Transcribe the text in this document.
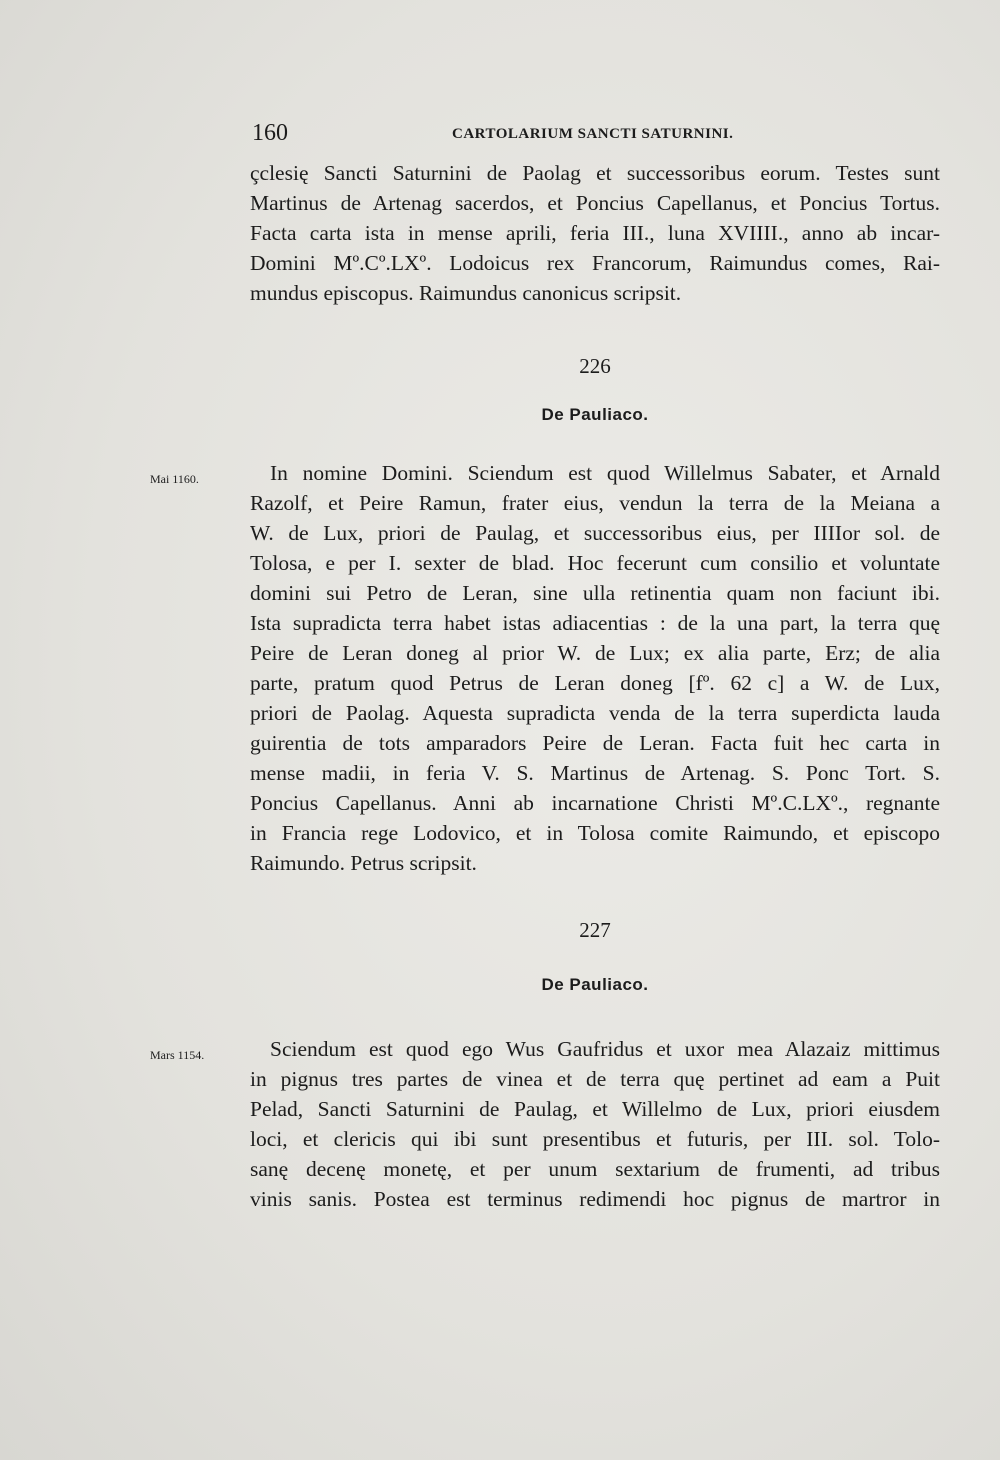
160	CARTOLARIUM SANCTI SATURNINI.
çclesię Sancti Saturnini de Paolag et successoribus eorum. Testes sunt
Martinus de Artenag sacerdos, et Poncius Capellanus, et Poncius Tortus.
Facta carta ista in mense aprili, feria III., luna XVIIII., anno ab incar-
Domini Mº.Cº.LXº. Lodoicus rex Francorum, Raimundus comes, Rai-
mundus episcopus. Raimundus canonicus scripsit.
226
De Pauliaco.
Mai 1160.	In nomine Domini. Sciendum est quod Willelmus Sabater, et Arnald
Razolf, et Peire Ramun, frater eius, vendun la terra de la Meiana a
W. de Lux, priori de Paulag, et successoribus eius, per IIIIor sol. de
Tolosa, e per I. sexter de blad. Hoc fecerunt cum consilio et voluntate
domini sui Petro de Leran, sine ulla retinentia quam non faciunt ibi.
Ista supradicta terra habet istas adiacentias : de la una part, la terra quę
Peire de Leran doneg al prior W. de Lux; ex alia parte, Erz; de alia
parte, pratum quod Petrus de Leran doneg [fº. 62 c] a W. de Lux,
priori de Paolag. Aquesta supradicta venda de la terra superdicta lauda
guirentia de tots amparadors Peire de Leran. Facta fuit hec carta in
mense madii, in feria V. S. Martinus de Artenag. S. Ponc Tort. S.
Poncius Capellanus. Anni ab incarnatione Christi Mº.C.LXº., regnante
in Francia rege Lodovico, et in Tolosa comite Raimundo, et episcopo
Raimundo. Petrus scripsit.
227
De Pauliaco.
Mars 1154.	Sciendum est quod ego Wus Gaufridus et uxor mea Alazaiz mittimus
in pignus tres partes de vinea et de terra quę pertinet ad eam a Puit
Pelad, Sancti Saturnini de Paulag, et Willelmo de Lux, priori eiusdem
loci, et clericis qui ibi sunt presentibus et futuris, per III. sol. Tolo-
sanę decenę monetę, et per unum sextarium de frumenti, ad tribus
vinis sanis. Postea est terminus redimendi hoc pignus de martror in
